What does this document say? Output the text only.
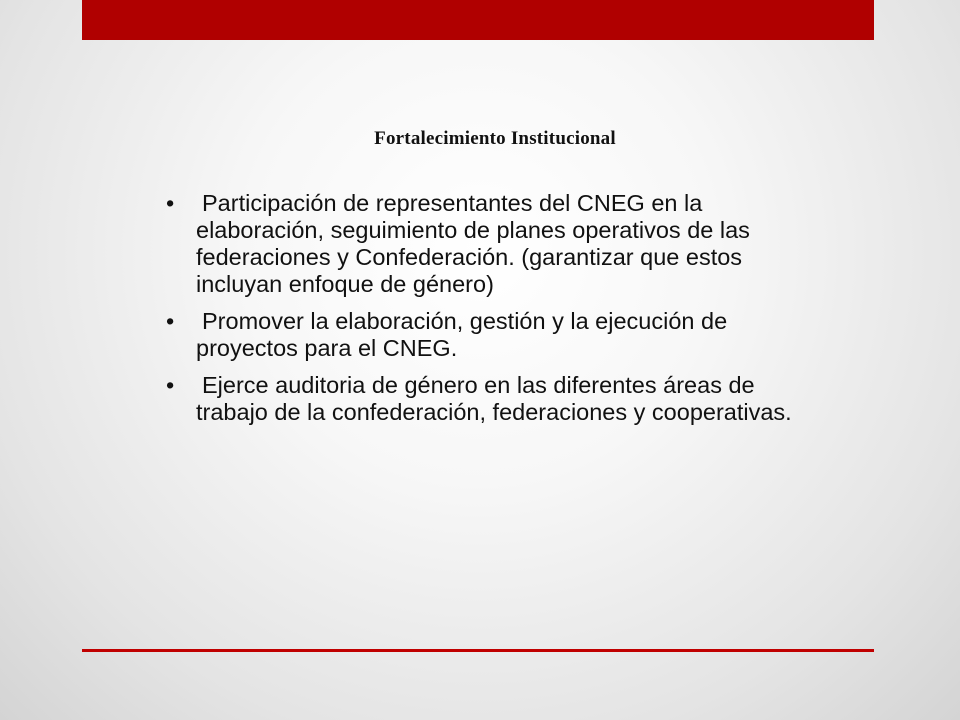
Fortalecimiento Institucional
• Participación de representantes del CNEG en la elaboración, seguimiento de planes operativos de las federaciones y Confederación. (garantizar que estos incluyan enfoque de género)
• Promover la elaboración, gestión y la ejecución de proyectos para el CNEG.
• Ejerce auditoria de género en las diferentes áreas de trabajo de la confederación, federaciones y cooperativas.
